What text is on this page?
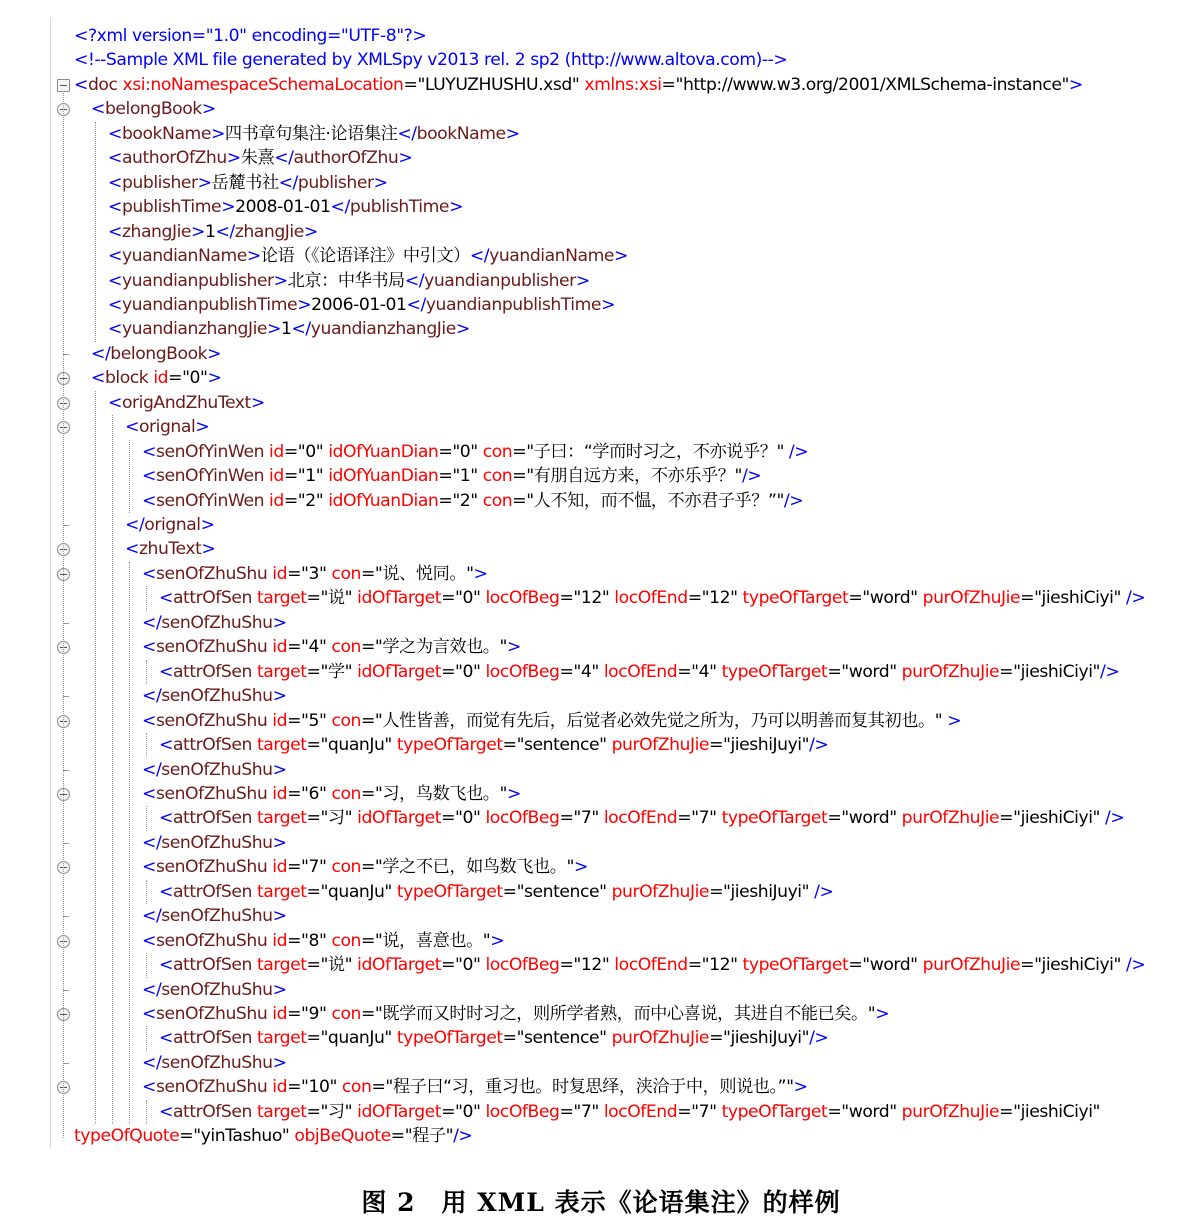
<?xml version="1.0" encoding="UTF-8"?>
<!--Sample XML file generated by XMLSpy v2013 rel. 2 sp2 (http://www.altova.com)-->
<doc xsi:noNamespaceSchemaLocation="LUYUZHUSHU.xsd" xmlns:xsi="http://www.w3.org/2001/XMLSchema-instance">
<belongBook>
<bookName>四书章句集注·论语集注</bookName>
<authorOfZhu>朱熹</authorOfZhu>
<publisher>岳麓书社</publisher>
<publishTime>2008-01-01</publishTime>
<zhangJie>1</zhangJie>
<yuandianName>论语（《论语译注》中引文）</yuandianName>
<yuandianpublisher>北京：中华书局</yuandianpublisher>
<yuandianpublishTime>2006-01-01</yuandianpublishTime>
<yuandianzhangJie>1</yuandianzhangJie>
</belongBook>
<block id="0">
<origAndZhuText>
<orignal>
<senOfYinWen id="0" idOfYuanDian="0" con="子曰：“学而时习之，不亦说乎？" />
<senOfYinWen id="1" idOfYuanDian="1" con="有朋自远方来，不亦乐乎？"/>
<senOfYinWen id="2" idOfYuanDian="2" con="人不知，而不愠，不亦君子乎？”"/>
</orignal>
<zhuText>
<senOfZhuShu id="3" con="说、悦同。">
<attrOfSen target="说" idOfTarget="0" locOfBeg="12" locOfEnd="12" typeOfTarget="word" purOfZhuJie="jieshiCiyi" />
</senOfZhuShu>
<senOfZhuShu id="4" con="学之为言效也。">
<attrOfSen target="学" idOfTarget="0" locOfBeg="4" locOfEnd="4" typeOfTarget="word" purOfZhuJie="jieshiCiyi"/>
</senOfZhuShu>
<senOfZhuShu id="5" con="人性皆善，而觉有先后，后觉者必效先觉之所为，乃可以明善而复其初也。" >
<attrOfSen target="quanJu" typeOfTarget="sentence" purOfZhuJie="jieshiJuyi"/>
</senOfZhuShu>
<senOfZhuShu id="6" con="习，鸟数飞也。">
<attrOfSen target="习" idOfTarget="0" locOfBeg="7" locOfEnd="7" typeOfTarget="word" purOfZhuJie="jieshiCiyi" />
</senOfZhuShu>
<senOfZhuShu id="7" con="学之不已，如鸟数飞也。">
<attrOfSen target="quanJu" typeOfTarget="sentence" purOfZhuJie="jieshiJuyi" />
</senOfZhuShu>
<senOfZhuShu id="8" con="说，喜意也。">
<attrOfSen target="说" idOfTarget="0" locOfBeg="12" locOfEnd="12" typeOfTarget="word" purOfZhuJie="jieshiCiyi" />
</senOfZhuShu>
<senOfZhuShu id="9" con="既学而又时时习之，则所学者熟，而中心喜说，其进自不能已矣。">
<attrOfSen target="quanJu" typeOfTarget="sentence" purOfZhuJie="jieshiJuyi"/>
</senOfZhuShu>
<senOfZhuShu id="10" con="程子曰“习，重习也。时复思绎，浃洽于中，则说也。”">
<attrOfSen target="习" idOfTarget="0" locOfBeg="7" locOfEnd="7" typeOfTarget="word" purOfZhuJie="jieshiCiyi"
typeOfQuote="yinTashuo" objBeQuote="程子"/>
图 2　用 XML 表示《论语集注》的样例
